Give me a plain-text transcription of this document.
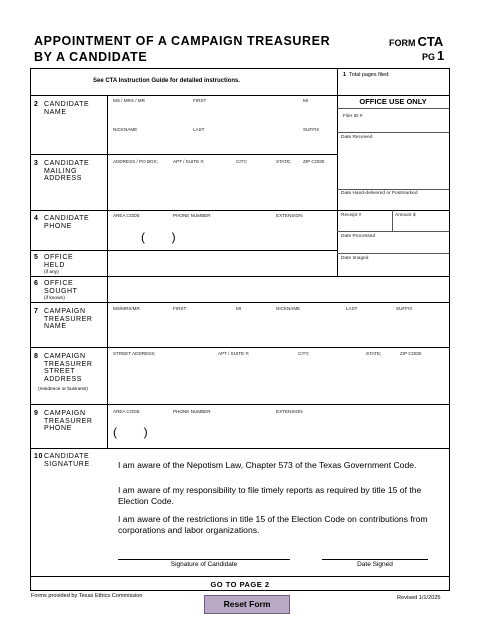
APPOINTMENT OF A CAMPAIGN TREASURER
BY A CANDIDATE
FORM CTA
PG 1
See CTA Instruction Guide for detailed instructions.
1 Total pages filed:
OFFICE USE ONLY
Filer ID #
Date Received
Date Hand-delivered or Postmarked
Receipt #	Amount $
Date Processed
Date Imaged
2 CANDIDATE
NAME
MS / MRS / MR	FIRST	MI
NICKNAME	LAST	SUFFIX
3 CANDIDATE
MAILING
ADDRESS
ADDRESS / PO BOX;	APT / SUITE #;	CITY;	STATE;	ZIP CODE
4 CANDIDATE
PHONE
AREA CODE	PHONE NUMBER	EXTENSION
(        )
5 OFFICE
HELD
(if any)
6 OFFICE
SOUGHT
(if known)
7 CAMPAIGN
TREASURER
NAME
MS/MRS/MR	FIRST	MI	NICKNAME	LAST	SUFFIX
8 CAMPAIGN
TREASURER
STREET
ADDRESS
(residence or business)
STREET ADDRESS;	APT / SUITE #;	CITY;	STATE;	ZIP CODE
9 CAMPAIGN
TREASURER
PHONE
AREA CODE	PHONE NUMBER	EXTENSION
(        )
10 CANDIDATE
SIGNATURE	I am aware of the Nepotism Law, Chapter 573 of the Texas Government Code.
I am aware of my responsibility to file timely reports as required by title 15 of the Election Code.
I am aware of the restrictions in title 15 of the Election Code on contributions from corporations and labor organizations.
Signature of Candidate	Date Signed
GO TO PAGE 2
Forms provided by Texas Ethics Commission
Reset Form
Revised 1/1/2025
